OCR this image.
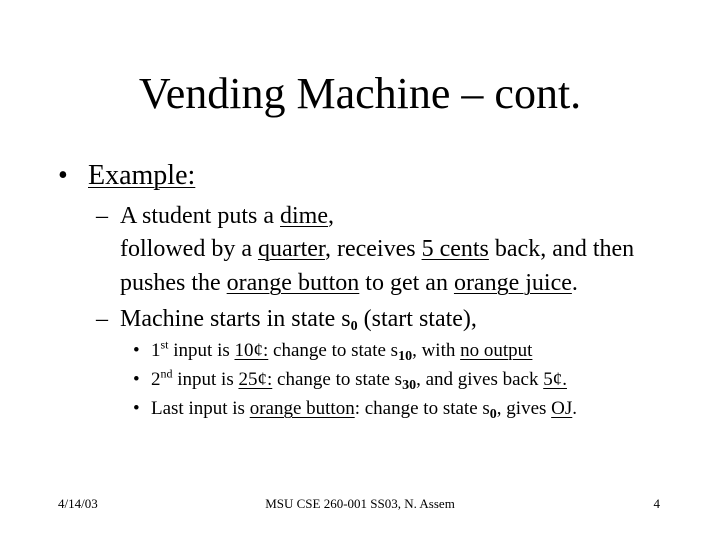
Vending Machine – cont.
• Example:
– A student puts a dime,
followed by a quarter, receives 5 cents back, and then
pushes the orange button to get an orange juice.
– Machine starts in state $s_0$ (start state),
• 1st input is 10¢: change to state $s_{10}$, with no output
• 2nd input is 25¢: change to state $s_{30}$, and gives back 5¢.
• Last input is orange button: change to state $s_0$, gives OJ.
4/14/03	MSU CSE 260-001 SS03, N. Assem	4
